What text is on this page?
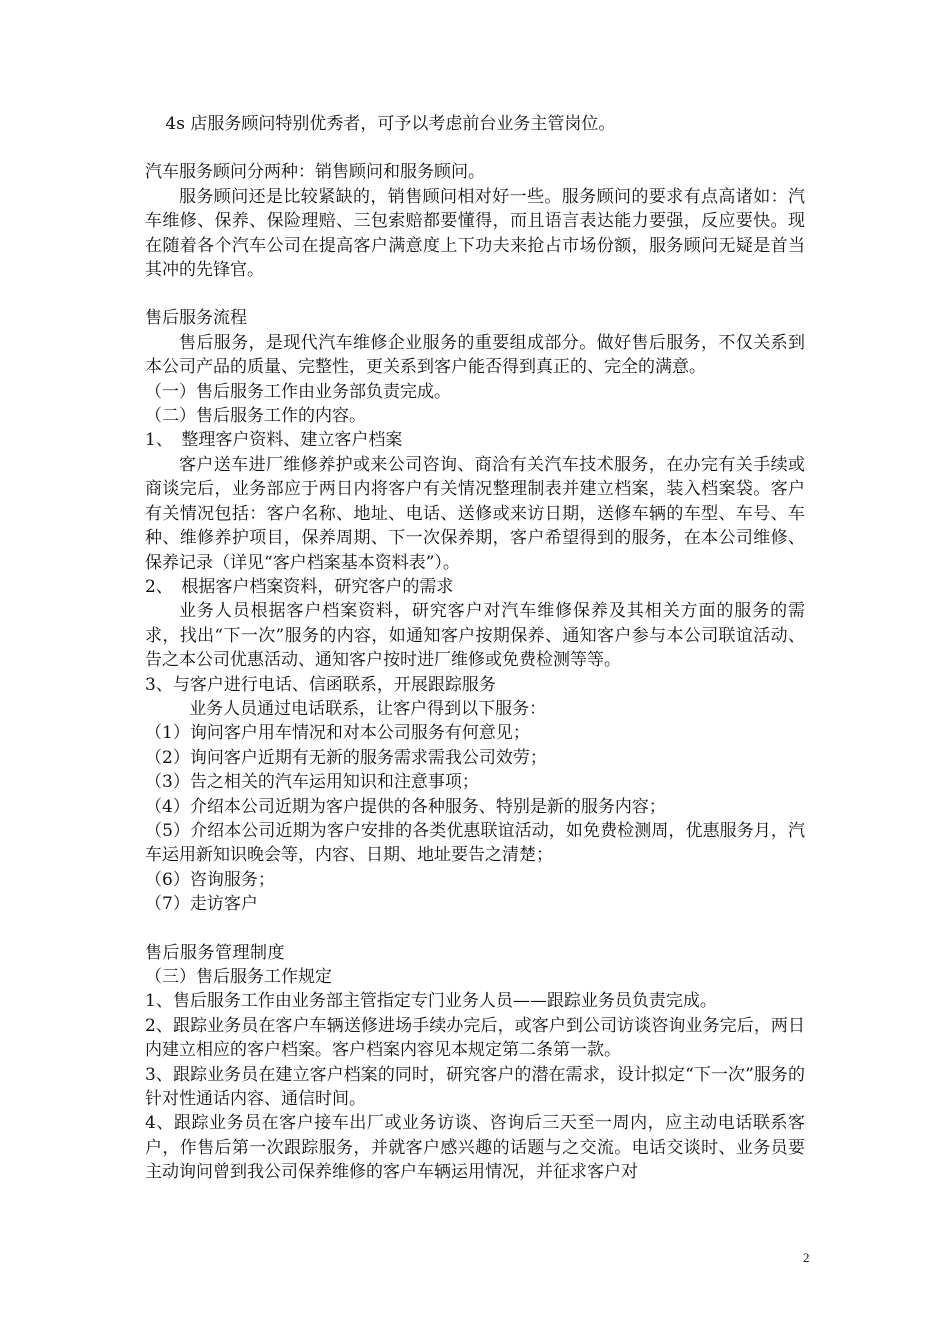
4s 店服务顾问特别优秀者，可予以考虑前台业务主管岗位。
汽车服务顾问分两种：销售顾问和服务顾问。
服务顾问还是比较紧缺的，销售顾问相对好一些。服务顾问的要求有点高诸如：汽车维修、保养、保险理赔、三包索赔都要懂得，而且语言表达能力要强，反应要快。现在随着各个汽车公司在提高客户满意度上下功夫来抢占市场份额，服务顾问无疑是首当其冲的先锋官。
售后服务流程
售后服务，是现代汽车维修企业服务的重要组成部分。做好售后服务，不仅关系到本公司产品的质量、完整性，更关系到客户能否得到真正的、完全的满意。
（一）售后服务工作由业务部负责完成。
（二）售后服务工作的内容。
1、　整理客户资料、建立客户档案
客户送车进厂维修养护或来公司咨询、商洽有关汽车技术服务，在办完有关手续或商谈完后，业务部应于两日内将客户有关情况整理制表并建立档案，装入档案袋。客户有关情况包括：客户名称、地址、电话、送修或来访日期，送修车辆的车型、车号、车种、维修养护项目，保养周期、下一次保养期，客户希望得到的服务，在本公司维修、保养记录（详见“客户档案基本资料表”）。
2、　根据客户档案资料，研究客户的需求
业务人员根据客户档案资料，研究客户对汽车维修保养及其相关方面的服务的需求，找出“下一次”服务的内容，如通知客户按期保养、通知客户参与本公司联谊活动、告之本公司优惠活动、通知客户按时进厂维修或免费检测等等。
3、与客户进行电话、信函联系，开展跟踪服务
业务人员通过电话联系，让客户得到以下服务：
（1）询问客户用车情况和对本公司服务有何意见；
（2）询问客户近期有无新的服务需求需我公司效劳；
（3）告之相关的汽车运用知识和注意事项；
（4）介绍本公司近期为客户提供的各种服务、特别是新的服务内容；
（5）介绍本公司近期为客户安排的各类优惠联谊活动，如免费检测周，优惠服务月，汽车运用新知识晚会等，内容、日期、地址要告之清楚；
（6）咨询服务；
（7）走访客户
售后服务管理制度
（三）售后服务工作规定
1、售后服务工作由业务部主管指定专门业务人员——跟踪业务员负责完成。
2、跟踪业务员在客户车辆送修进场手续办完后，或客户到公司访谈咨询业务完后，两日内建立相应的客户档案。客户档案内容见本规定第二条第一款。
3、跟踪业务员在建立客户档案的同时，研究客户的潜在需求，设计拟定“下一次”服务的针对性通话内容、通信时间。
4、跟踪业务员在客户接车出厂或业务访谈、咨询后三天至一周内，应主动电话联系客户，作售后第一次跟踪服务，并就客户感兴趣的话题与之交流。电话交谈时、业务员要主动询问曾到我公司保养维修的客户车辆运用情况，并征求客户对
2
